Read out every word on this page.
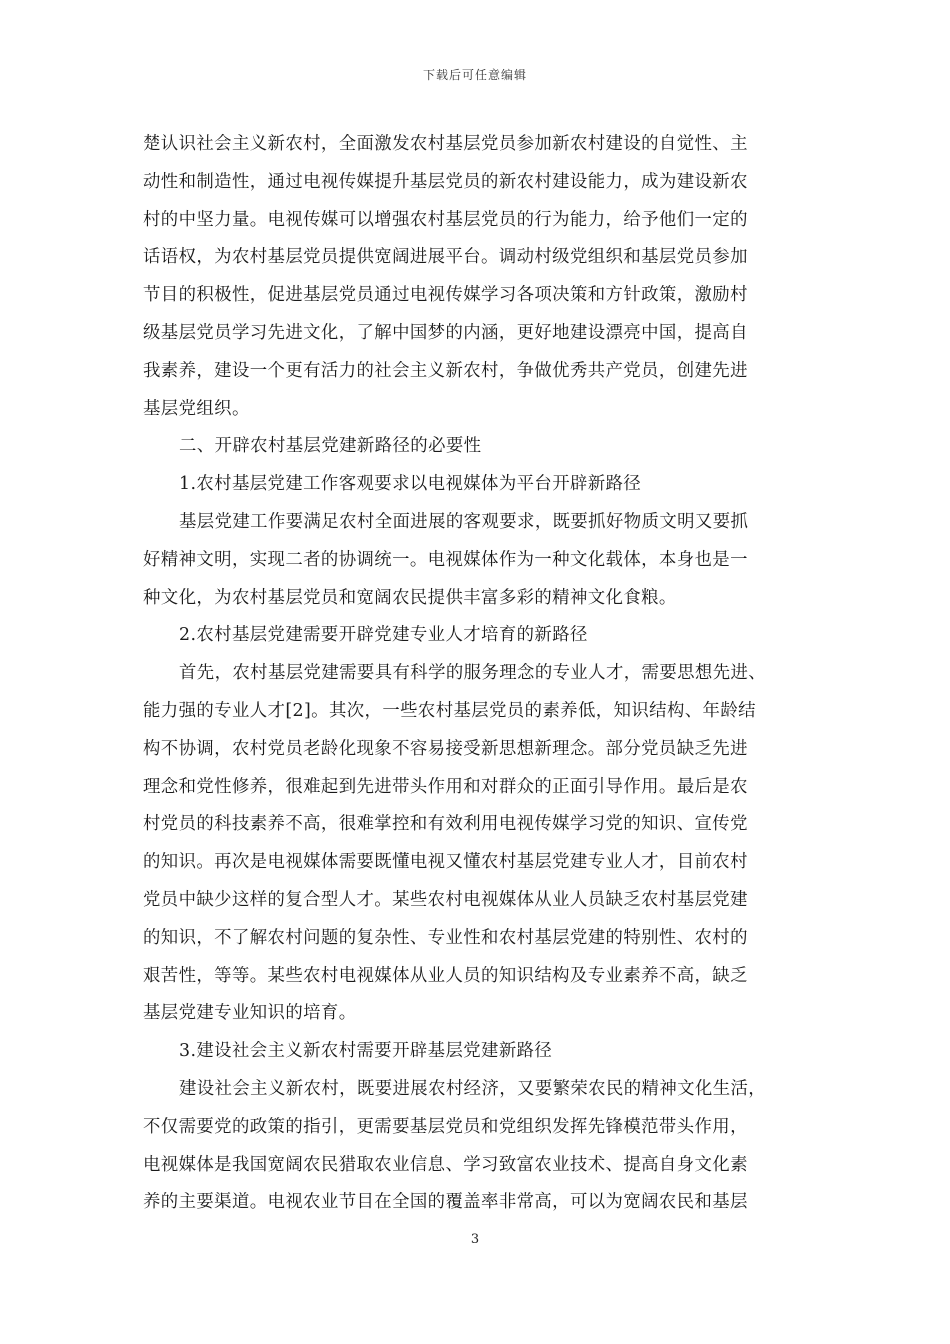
下载后可任意编辑
楚认识社会主义新农村，全面激发农村基层党员参加新农村建设的自觉性、主
动性和制造性，通过电视传媒提升基层党员的新农村建设能力，成为建设新农
村的中坚力量。电视传媒可以增强农村基层党员的行为能力，给予他们一定的
话语权，为农村基层党员提供宽阔进展平台。调动村级党组织和基层党员参加
节目的积极性，促进基层党员通过电视传媒学习各项决策和方针政策，激励村
级基层党员学习先进文化，了解中国梦的内涵，更好地建设漂亮中国，提高自
我素养，建设一个更有活力的社会主义新农村，争做优秀共产党员，创建先进
基层党组织。
二、开辟农村基层党建新路径的必要性
1.农村基层党建工作客观要求以电视媒体为平台开辟新路径
基层党建工作要满足农村全面进展的客观要求，既要抓好物质文明又要抓
好精神文明，实现二者的协调统一。电视媒体作为一种文化载体，本身也是一
种文化，为农村基层党员和宽阔农民提供丰富多彩的精神文化食粮。
2.农村基层党建需要开辟党建专业人才培育的新路径
首先，农村基层党建需要具有科学的服务理念的专业人才，需要思想先进、
能力强的专业人才[2]。其次，一些农村基层党员的素养低，知识结构、年龄结
构不协调，农村党员老龄化现象不容易接受新思想新理念。部分党员缺乏先进
理念和党性修养，很难起到先进带头作用和对群众的正面引导作用。最后是农
村党员的科技素养不高，很难掌控和有效利用电视传媒学习党的知识、宣传党
的知识。再次是电视媒体需要既懂电视又懂农村基层党建专业人才，目前农村
党员中缺少这样的复合型人才。某些农村电视媒体从业人员缺乏农村基层党建
的知识，不了解农村问题的复杂性、专业性和农村基层党建的特别性、农村的
艰苦性，等等。某些农村电视媒体从业人员的知识结构及专业素养不高，缺乏
基层党建专业知识的培育。
3.建设社会主义新农村需要开辟基层党建新路径
建设社会主义新农村，既要进展农村经济，又要繁荣农民的精神文化生活，
不仅需要党的政策的指引，更需要基层党员和党组织发挥先锋模范带头作用，
电视媒体是我国宽阔农民猎取农业信息、学习致富农业技术、提高自身文化素
养的主要渠道。电视农业节目在全国的覆盖率非常高，可以为宽阔农民和基层
3
